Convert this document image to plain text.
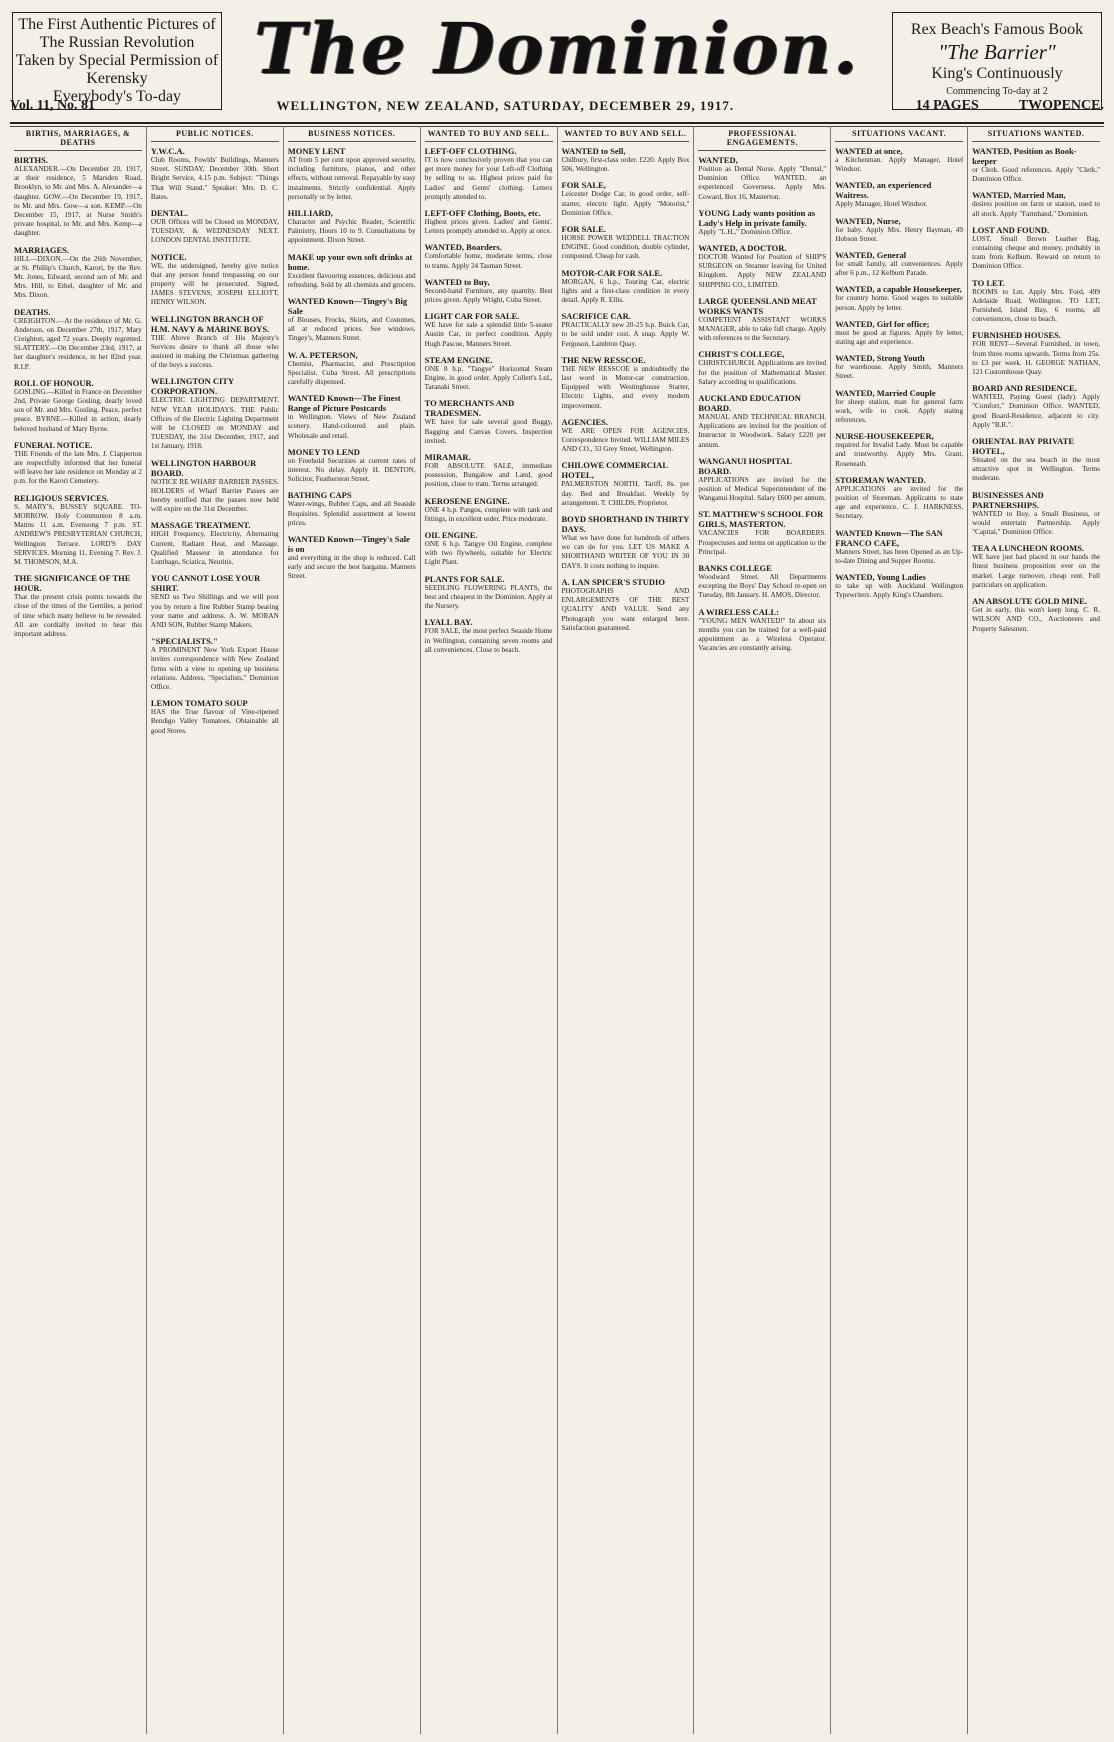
The First Authentic Pictures of
The Russian Revolution
Taken by Special Permission of
Kerensky
Everybody's To-day
The Dominion.	Rex Beach's Famous Book
"The Barrier"
King's Continuously
Commencing To-day at 2
Vol. 11, No. 81	WELLINGTON, NEW ZEALAND, SATURDAY, DECEMBER 29, 1917.	14 PAGES	TWOPENCE.
BIRTHS, MARRIAGES, & DEATHS
BIRTHS.
ALEXANDER.—On December 20, 1917, at their residence, 5 Marsden Road, Brooklyn, to Mr. and Mrs. A. Alexander—a daughter. GOW.—On December 19, 1917, to Mr. and Mrs. Gow—a son. KEMP.—On December 15, 1917, at Nurse Smith's private hospital, to Mr. and Mrs. Kemp—a daughter.
MARRIAGES.
HILL—DIXON.—On the 26th November, at St. Phillip's Church, Karori, by the Rev. Mr. Jones, Edward, second son of Mr. and Mrs. Hill, to Ethel, daughter of Mr. and Mrs. Dixon.
DEATHS.
CREIGHTON.—At the residence of Mr. G. Anderson, on December 27th, 1917, Mary Creighton, aged 72 years. Deeply regretted. SLATTERY.—On December 23rd, 1917, at her daughter's residence, in her 82nd year. R.I.P.
ROLL OF HONOUR.
GOSLING.—Killed in France on December 2nd, Private George Gosling, dearly loved son of Mr. and Mrs. Gosling. Peace, perfect peace. BYRNE.—Killed in action, dearly beloved husband of Mary Byrne.
FUNERAL NOTICE.
THE Friends of the late Mrs. J. Clapperton are respectfully informed that her funeral will leave her late residence on Monday at 2 p.m. for the Karori Cemetery.
RELIGIOUS SERVICES.
S. MARY'S, BUSSEY SQUARE. TO-MORROW. Holy Communion 8 a.m. Matins 11 a.m. Evensong 7 p.m. ST. ANDREW'S PRESBYTERIAN CHURCH, Wellington Terrace. LORD'S DAY SERVICES. Morning 11, Evening 7. Rev. J. M. THOMSON, M.A.
THE SIGNIFICANCE OF THE HOUR.
That the present crisis points towards the close of the times of the Gentiles, a period of time which many believe to be revealed. All are cordially invited to hear this important address.
PUBLIC NOTICES.
Y.W.C.A.
Club Rooms, Fowlds' Buildings, Manners Street. SUNDAY, December 30th. Short Bright Service, 4.15 p.m. Subject: "Things That Will Stand." Speaker: Mrs. D. C. Bates.
DENTAL.
OUR Offices will be Closed on MONDAY, TUESDAY, & WEDNESDAY NEXT. LONDON DENTAL INSTITUTE.
NOTICE.
WE, the undersigned, hereby give notice that any person found trespassing on our property will be prosecuted. Signed, JAMES STEVENS, JOSEPH ELLIOTT, HENRY WILSON.
WELLINGTON BRANCH OF H.M. NAVY & MARINE BOYS.
THE Above Branch of His Majesty's Services desire to thank all those who assisted in making the Christmas gathering of the boys a success.
WELLINGTON CITY CORPORATION.
ELECTRIC LIGHTING DEPARTMENT. NEW YEAR HOLIDAYS. THE Public Offices of the Electric Lighting Department will be CLOSED on MONDAY and TUESDAY, the 31st December, 1917, and 1st January, 1918.
WELLINGTON HARBOUR BOARD.
NOTICE RE WHARF BARRIER PASSES. HOLDERS of Wharf Barrier Passes are hereby notified that the passes now held will expire on the 31st December.
MASSAGE TREATMENT.
HIGH Frequency, Electricity, Alternating Current, Radiant Heat, and Massage. Qualified Masseur in attendance for Lumbago, Sciatica, Neuritis.
YOU CANNOT LOSE YOUR SHIRT.
SEND us Two Shillings and we will post you by return a fine Rubber Stamp bearing your name and address. A. W. MORAN AND SON, Rubber Stamp Makers.
"SPECIALISTS."
A PROMINENT New York Export House invites correspondence with New Zealand firms with a view to opening up business relations. Address, "Specialists," Dominion Office.
LEMON TOMATO SOUP
HAS the True flavour of Vine-ripened Bendigo Valley Tomatoes. Obtainable all good Stores.
BUSINESS NOTICES.
MONEY LENT
AT from 5 per cent upon approved security, including furniture, pianos, and other effects, without removal. Repayable by easy instalments. Strictly confidential. Apply personally or by letter.
HILLIARD,
Character and Psychic Reader, Scientific Palmistry, Hours 10 to 9. Consultations by appointment. Dixon Street.
MAKE up your own soft drinks at home.
Excellent flavouring essences, delicious and refreshing. Sold by all chemists and grocers.
WANTED Known—Tingey's Big Sale
of Blouses, Frocks, Skirts, and Costumes, all at reduced prices. See windows. Tingey's, Manners Street.
W. A. PETERSON,
Chemist, Pharmacist, and Prescription Specialist. Cuba Street. All prescriptions carefully dispensed.
WANTED Known—The Finest Range of Picture Postcards
in Wellington. Views of New Zealand scenery. Hand-coloured and plain. Wholesale and retail.
MONEY TO LEND
on Freehold Securities at current rates of interest. No delay. Apply H. DENTON, Solicitor, Featherston Street.
BATHING CAPS
Water-wings, Rubber Caps, and all Seaside Requisites. Splendid assortment at lowest prices.
WANTED Known—Tingey's Sale is on
and everything in the shop is reduced. Call early and secure the best bargains. Manners Street.
WANTED TO BUY AND SELL.
LEFT-OFF CLOTHING.
IT is now conclusively proven that you can get more money for your Left-off Clothing by selling to us. Highest prices paid for Ladies' and Gents' clothing. Letters promptly attended to.
LEFT-OFF Clothing, Boots, etc.
Highest prices given. Ladies' and Gents'. Letters promptly attended to. Apply at once.
WANTED, Boarders.
Comfortable home, moderate terms, close to trams. Apply 24 Tasman Street.
WANTED to Buy,
Second-hand Furniture, any quantity. Best prices given. Apply Wright, Cuba Street.
LIGHT CAR FOR SALE.
WE have for sale a splendid little 5-seater Austin Car, in perfect condition. Apply Hugh Pascoe, Manners Street.
STEAM ENGINE.
ONE 8 h.p. "Tangye" Horizontal Steam Engine, in good order. Apply Collett's Ltd., Taranaki Street.
TO MERCHANTS AND TRADESMEN.
WE have for sale several good Buggy, Bagging and Canvas Covers. Inspection invited.
MIRAMAR.
FOR ABSOLUTE SALE, immediate possession, Bungalow and Land, good position, close to tram. Terms arranged.
KEROSENE ENGINE.
ONE 4 h.p. Pangos, complete with tank and fittings, in excellent order. Price moderate.
OIL ENGINE.
ONE 6 h.p. Tangye Oil Engine, complete with two flywheels, suitable for Electric Light Plant.
PLANTS FOR SALE.
SEEDLING FLOWERING PLANTS, the best and cheapest in the Dominion. Apply at the Nursery.
LYALL BAY.
FOR SALE, the most perfect Seaside Home in Wellington, containing seven rooms and all conveniences. Close to beach.
WANTED TO BUY AND SELL.
WANTED to Sell,
Chilbury, first-class order. £220. Apply Box 506, Wellington.
FOR SALE,
Leicester Dodge Car, in good order, self-starter, electric light. Apply "Motorist," Dominion Office.
FOR SALE.
HORSE POWER WEDDELL TRACTION ENGINE. Good condition, double cylinder, compound. Cheap for cash.
MOTOR-CAR FOR SALE.
MORGAN, 6 h.p., Touring Car, electric lights and a first-class condition in every detail. Apply R. Ellis.
SACRIFICE CAR.
PRACTICALLY new 20-25 h.p. Buick Car, to be sold under cost. A snap. Apply W. Ferguson, Lambton Quay.
THE NEW RESSCOE.
THE NEW RESSCOE is undoubtedly the last word in Motor-car construction. Equipped with Westinghouse Starter, Electric Lights, and every modern improvement.
AGENCIES.
WE ARE OPEN FOR AGENCIES. Correspondence Invited. WILLIAM MILES AND CO., 33 Grey Street, Wellington.
CHILOWE COMMERCIAL HOTEL,
PALMERSTON NORTH. Tariff, 8s. per day. Bed and Breakfast. Weekly by arrangement. T. CHILDS, Proprietor.
BOYD SHORTHAND IN THIRTY DAYS.
What we have done for hundreds of others we can do for you. LET US MAKE A SHORTHAND WRITER OF YOU IN 30 DAYS. It costs nothing to inquire.
A. LAN SPICER'S STUDIO
PHOTOGRAPHS AND ENLARGEMENTS OF THE BEST QUALITY AND VALUE. Send any Photograph you want enlarged here. Satisfaction guaranteed.
PROFESSIONAL ENGAGEMENTS.
WANTED,
Position as Dental Nurse. Apply "Dental," Dominion Office. WANTED, an experienced Governess. Apply Mrs. Coward, Box 16, Masterton.
YOUNG Lady wants position as Lady's Help in private family.
Apply "L.H.," Dominion Office.
WANTED, A DOCTOR.
DOCTOR Wanted for Position of SHIP'S SURGEON on Steamer leaving for United Kingdom. Apply NEW ZEALAND SHIPPING CO., LIMITED.
LARGE QUEENSLAND MEAT WORKS WANTS
COMPETENT ASSISTANT WORKS MANAGER, able to take full charge. Apply with references to the Secretary.
CHRIST'S COLLEGE,
CHRISTCHURCH. Applications are invited for the position of Mathematical Master. Salary according to qualifications.
AUCKLAND EDUCATION BOARD.
MANUAL AND TECHNICAL BRANCH. Applications are invited for the position of Instructor in Woodwork. Salary £220 per annum.
WANGANUI HOSPITAL BOARD.
APPLICATIONS are invited for the position of Medical Superintendent of the Wanganui Hospital. Salary £600 per annum.
ST. MATTHEW'S SCHOOL FOR GIRLS, MASTERTON.
VACANCIES FOR BOARDERS. Prospectuses and terms on application to the Principal.
BANKS COLLEGE
Woodward Street. All Departments excepting the Boys' Day School re-open on Tuesday, 8th January. H. AMOS, Director.
A WIRELESS CALL:
"YOUNG MEN WANTED!" In about six months you can be trained for a well-paid appointment as a Wireless Operator. Vacancies are constantly arising.
SITUATIONS VACANT.
WANTED at once,
a Kitchenman. Apply Manager, Hotel Windsor.
WANTED, an experienced Waitress.
Apply Manager, Hotel Windsor.
WANTED, Nurse,
for baby. Apply Mrs. Henry Bayman, 49 Hobson Street.
WANTED, General
for small family, all conveniences. Apply after 6 p.m., 12 Kelburn Parade.
WANTED, a capable Housekeeper,
for country home. Good wages to suitable person. Apply by letter.
WANTED, Girl for office;
must be good at figures. Apply by letter, stating age and experience.
WANTED, Strong Youth
for warehouse. Apply Smith, Manners Street.
WANTED, Married Couple
for sheep station, man for general farm work, wife to cook. Apply stating references.
NURSE-HOUSEKEEPER,
required for Invalid Lady. Must be capable and trustworthy. Apply Mrs. Grant, Roseneath.
STOREMAN WANTED.
APPLICATIONS are invited for the position of Storeman. Applicants to state age and experience. C. J. HARKNESS, Secretary.
WANTED Known—The SAN FRANCO CAFE,
Manners Street, has been Opened as an Up-to-date Dining and Supper Rooms.
WANTED, Young Ladies
to take up with Auckland Wellington Typewriters. Apply King's Chambers.
SITUATIONS WANTED.
WANTED, Position as Book-keeper
or Clerk. Good references. Apply "Clerk," Dominion Office.
WANTED, Married Man,
desires position on farm or station, used to all stock. Apply "Farmhand," Dominion.
LOST AND FOUND.
LOST, Small Brown Leather Bag, containing cheque and money, probably in tram from Kelburn. Reward on return to Dominion Office.
TO LET.
ROOMS to Let. Apply Mrs. Ford, 499 Adelaide Road, Wellington. TO LET, Furnished, Island Bay, 6 rooms, all conveniences, close to beach.
FURNISHED HOUSES.
FOR RENT—Several Furnished, in town, from three rooms upwards. Terms from 25s. to £3 per week. H. GEORGE NATHAN, 121 Customhouse Quay.
BOARD AND RESIDENCE.
WANTED, Paying Guest (lady). Apply "Comfort," Dominion Office. WANTED, good Board-Residence, adjacent to city. Apply "B.R.".
ORIENTAL BAY PRIVATE HOTEL,
Situated on the sea beach in the most attractive spot in Wellington. Terms moderate.
BUSINESSES AND PARTNERSHIPS.
WANTED to Buy, a Small Business, or would entertain Partnership. Apply "Capital," Dominion Office.
TEA A LUNCHEON ROOMS.
WE have just had placed in our hands the finest business proposition ever on the market. Large turnover, cheap rent. Full particulars on application.
AN ABSOLUTE GOLD MINE.
Get in early, this won't keep long. C. R. WILSON AND CO., Auctioneers and Property Salesmen.
